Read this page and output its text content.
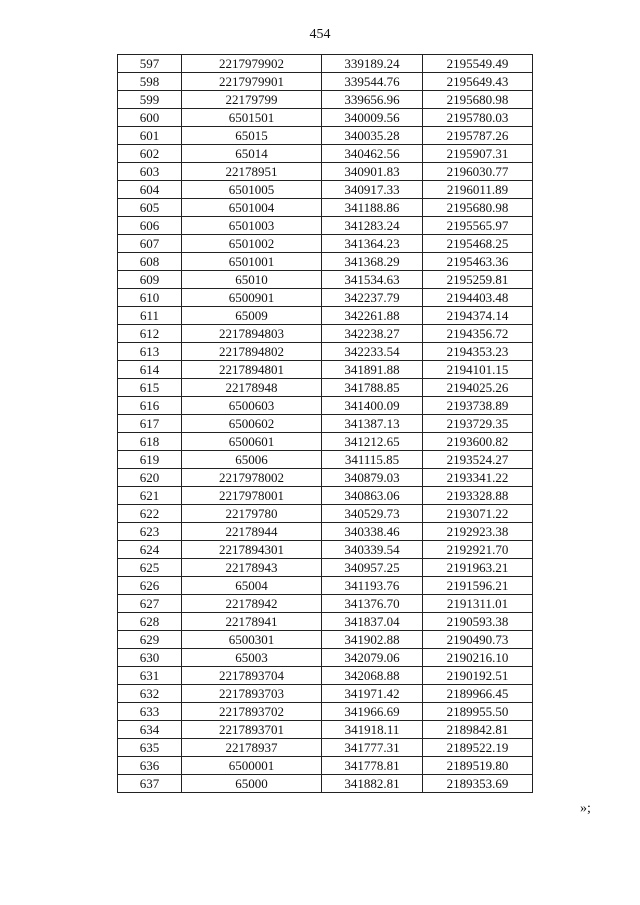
454
597	2217979902	339189.24	2195549.49
598	2217979901	339544.76	2195649.43
599	22179799	339656.96	2195680.98
600	6501501	340009.56	2195780.03
601	65015	340035.28	2195787.26
602	65014	340462.56	2195907.31
603	22178951	340901.83	2196030.77
604	6501005	340917.33	2196011.89
605	6501004	341188.86	2195680.98
606	6501003	341283.24	2195565.97
607	6501002	341364.23	2195468.25
608	6501001	341368.29	2195463.36
609	65010	341534.63	2195259.81
610	6500901	342237.79	2194403.48
611	65009	342261.88	2194374.14
612	2217894803	342238.27	2194356.72
613	2217894802	342233.54	2194353.23
614	2217894801	341891.88	2194101.15
615	22178948	341788.85	2194025.26
616	6500603	341400.09	2193738.89
617	6500602	341387.13	2193729.35
618	6500601	341212.65	2193600.82
619	65006	341115.85	2193524.27
620	2217978002	340879.03	2193341.22
621	2217978001	340863.06	2193328.88
622	22179780	340529.73	2193071.22
623	22178944	340338.46	2192923.38
624	2217894301	340339.54	2192921.70
625	22178943	340957.25	2191963.21
626	65004	341193.76	2191596.21
627	22178942	341376.70	2191311.01
628	22178941	341837.04	2190593.38
629	6500301	341902.88	2190490.73
630	65003	342079.06	2190216.10
631	2217893704	342068.88	2190192.51
632	2217893703	341971.42	2189966.45
633	2217893702	341966.69	2189955.50
634	2217893701	341918.11	2189842.81
635	22178937	341777.31	2189522.19
636	6500001	341778.81	2189519.80
637	65000	341882.81	2189353.69
»;
